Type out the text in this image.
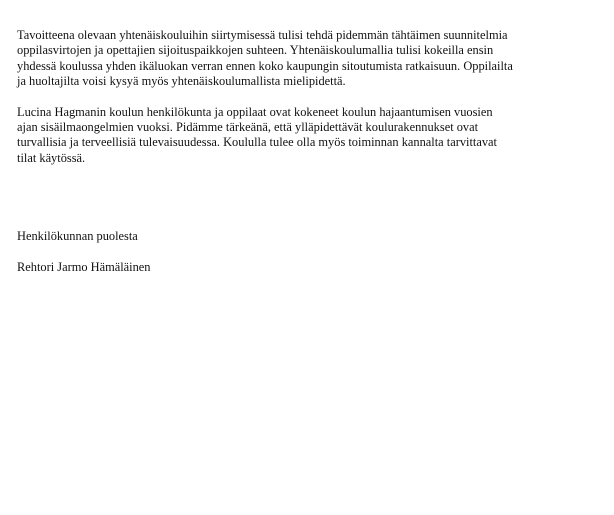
Tavoitteena olevaan yhtenäiskouluihin siirtymisessä tulisi tehdä pidemmän tähtäimen suunnitelmia
oppilasvirtojen ja opettajien sijoituspaikkojen suhteen. Yhtenäiskoulumallia tulisi kokeilla ensin
yhdessä koulussa yhden ikäluokan verran ennen koko kaupungin sitoutumista ratkaisuun. Oppilailta
ja huoltajilta voisi kysyä myös yhtenäiskoulumallista mielipidettä.
Lucina Hagmanin koulun henkilökunta ja oppilaat ovat kokeneet koulun hajaantumisen vuosien
ajan sisäilmaongelmien vuoksi. Pidämme tärkeänä, että ylläpidettävät koulurakennukset ovat
turvallisia ja terveellisiä tulevaisuudessa. Koululla tulee olla myös toiminnan kannalta tarvittavat
tilat käytössä.
Henkilökunnan puolesta
Rehtori Jarmo Hämäläinen
